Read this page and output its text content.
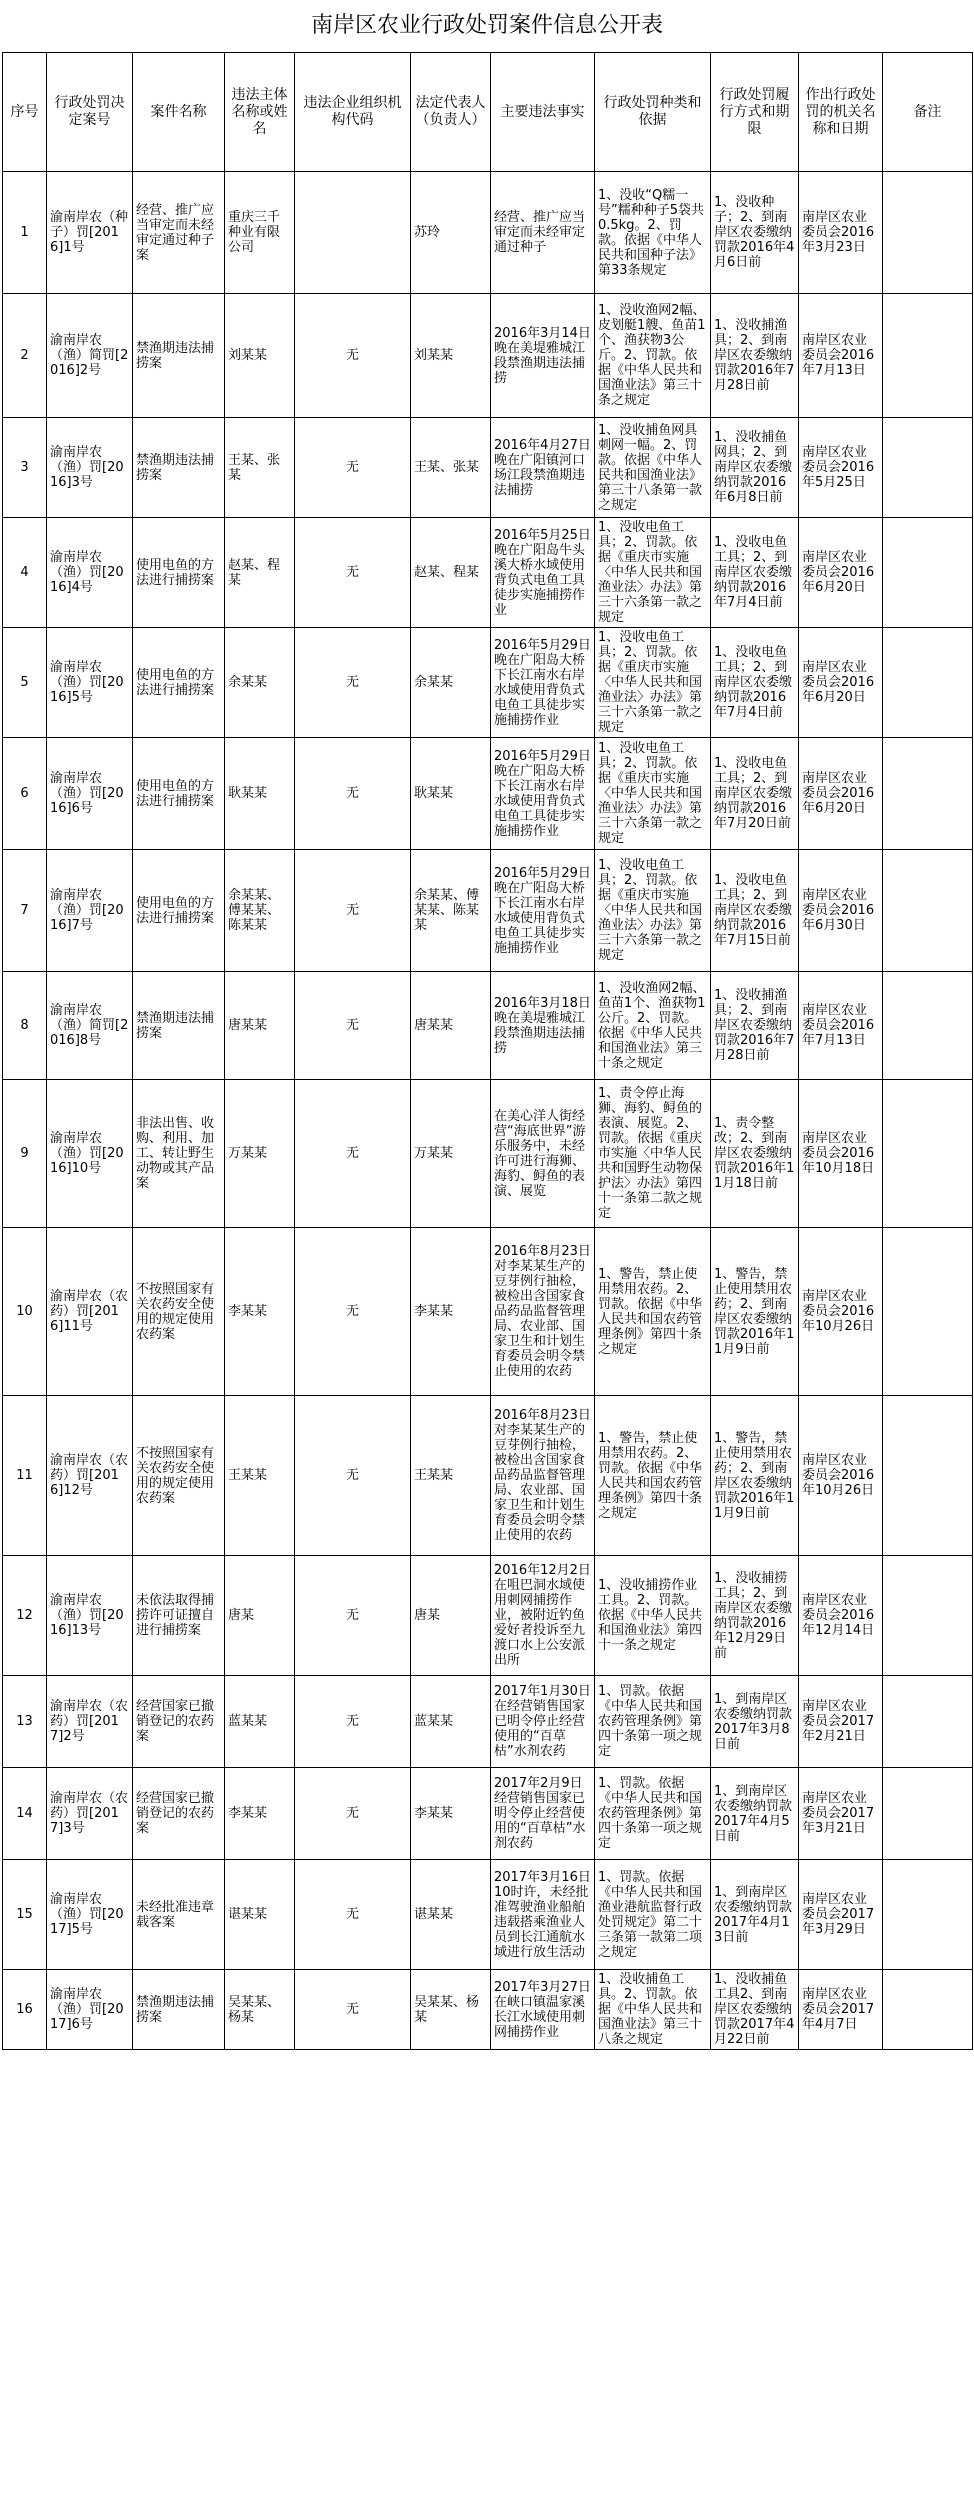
南岸区农业行政处罚案件信息公开表
序号	行政处罚决定案号	案件名称	违法主体名称或姓名	违法企业组织机构代码	法定代表人（负责人）	主要违法事实	行政处罚种类和依据	行政处罚履行方式和期限	作出行政处罚的机关名称和日期	备注
1	渝南岸农（种子）罚[2016]1号	经营、推广应当审定而未经审定通过种子案	重庆三千种业有限公司		苏玲	经营、推广应当审定而未经审定通过种子	1、没收“Q糯一号”糯种种子5袋共0.5kg。2、罚款。依据《中华人民共和国种子法》第33条规定	1、没收种子；2、到南岸区农委缴纳罚款2016年4月6日前	南岸区农业委员会2016年3月23日	
2	渝南岸农（渔）简罚[2016]2号	禁渔期违法捕捞案	刘某某	无	刘某某	2016年3月14日晚在美堤雅城江段禁渔期违法捕捞	1、没收渔网2幅、皮划艇1艘、鱼苗1个、渔获物3公斤。2、罚款。依据《中华人民共和国渔业法》第三十条之规定	1、没收捕渔具；2、到南岸区农委缴纳罚款2016年7月28日前	南岸区农业委员会2016年7月13日	
3	渝南岸农（渔）罚[2016]3号	禁渔期违法捕捞案	王某、张某	无	王某、张某	2016年4月27日晚在广阳镇河口场江段禁渔期违法捕捞	1、没收捕鱼网具刺网一幅。2、罚款。依据《中华人民共和国渔业法》第三十八条第一款之规定	1、没收捕鱼网具；2、到南岸区农委缴纳罚款2016年6月8日前	南岸区农业委员会2016年5月25日	
4	渝南岸农（渔）罚[2016]4号	使用电鱼的方法进行捕捞案	赵某、程某	无	赵某、程某	2016年5月25日晚在广阳岛牛头溪大桥水域使用背负式电鱼工具徒步实施捕捞作业	1、没收电鱼工具；2、罚款。依据《重庆市实施〈中华人民共和国渔业法〉办法》第三十六条第一款之规定	1、没收电鱼工具；2、到南岸区农委缴纳罚款2016年7月4日前	南岸区农业委员会2016年6月20日	
5	渝南岸农（渔）罚[2016]5号	使用电鱼的方法进行捕捞案	余某某	无	余某某	2016年5月29日晚在广阳岛大桥下长江南水右岸水域使用背负式电鱼工具徒步实施捕捞作业	1、没收电鱼工具；2、罚款。依据《重庆市实施〈中华人民共和国渔业法〉办法》第三十六条第一款之规定	1、没收电鱼工具；2、到南岸区农委缴纳罚款2016年7月4日前	南岸区农业委员会2016年6月20日	
6	渝南岸农（渔）罚[2016]6号	使用电鱼的方法进行捕捞案	耿某某	无	耿某某	2016年5月29日晚在广阳岛大桥下长江南水右岸水域使用背负式电鱼工具徒步实施捕捞作业	1、没收电鱼工具；2、罚款。依据《重庆市实施〈中华人民共和国渔业法〉办法》第三十六条第一款之规定	1、没收电鱼工具；2、到南岸区农委缴纳罚款2016年7月20日前	南岸区农业委员会2016年6月20日	
7	渝南岸农（渔）罚[2016]7号	使用电鱼的方法进行捕捞案	余某某、傅某某、陈某某	无	余某某、傅某某、陈某某	2016年5月29日晚在广阳岛大桥下长江南水右岸水域使用背负式电鱼工具徒步实施捕捞作业	1、没收电鱼工具；2、罚款。依据《重庆市实施〈中华人民共和国渔业法〉办法》第三十六条第一款之规定	1、没收电鱼工具；2、到南岸区农委缴纳罚款2016年7月15日前	南岸区农业委员会2016年6月30日	
8	渝南岸农（渔）简罚[2016]8号	禁渔期违法捕捞案	唐某某	无	唐某某	2016年3月18日晚在美堤雅城江段禁渔期违法捕捞	1、没收渔网2幅、鱼苗1个、渔获物1公斤。2、罚款。依据《中华人民共和国渔业法》第三十条之规定	1、没收捕渔具；2、到南岸区农委缴纳罚款2016年7月28日前	南岸区农业委员会2016年7月13日	
9	渝南岸农（渔）罚[2016]10号	非法出售、收购、利用、加工、转让野生动物或其产品案	万某某	无	万某某	在美心洋人街经营“海底世界”游乐服务中，未经许可进行海狮、海豹、鲟鱼的表演、展览	1、责令停止海狮、海豹、鲟鱼的表演、展览。2、罚款。依据《重庆市实施〈中华人民共和国野生动物保护法〉办法》第四十一条第二款之规定	1、责令整改；2、到南岸区农委缴纳罚款2016年11月18日前	南岸区农业委员会2016年10月18日	
10	渝南岸农（农药）罚[2016]11号	不按照国家有关农药安全使用的规定使用农药案	李某某	无	李某某	2016年8月23日对李某某生产的豆芽例行抽检，被检出含国家食品药品监督管理局、农业部、国家卫生和计划生育委员会明令禁止使用的农药	1、警告，禁止使用禁用农药。2、罚款。依据《中华人民共和国农药管理条例》第四十条之规定	1、警告，禁止使用禁用农药；2、到南岸区农委缴纳罚款2016年11月9日前	南岸区农业委员会2016年10月26日	
11	渝南岸农（农药）罚[2016]12号	不按照国家有关农药安全使用的规定使用农药案	王某某	无	王某某	2016年8月23日对李某某生产的豆芽例行抽检，被检出含国家食品药品监督管理局、农业部、国家卫生和计划生育委员会明令禁止使用的农药	1、警告，禁止使用禁用农药。2、罚款。依据《中华人民共和国农药管理条例》第四十条之规定	1、警告，禁止使用禁用农药；2、到南岸区农委缴纳罚款2016年11月9日前	南岸区农业委员会2016年10月26日	
12	渝南岸农（渔）罚[2016]13号	未依法取得捕捞许可证擅自进行捕捞案	唐某	无	唐某	2016年12月2日在咀巴洞水域使用刺网捕捞作业，被附近钓鱼爱好者投诉至九渡口水上公安派出所	1、没收捕捞作业工具。2、罚款。依据《中华人民共和国渔业法》第四十一条之规定	1、没收捕捞工具；2、到南岸区农委缴纳罚款2016年12月29日前	南岸区农业委员会2016年12月14日	
13	渝南岸农（农药）罚[2017]2号	经营国家已撤销登记的农药案	蓝某某	无	蓝某某	2017年1月30日在经营销售国家已明令停止经营使用的“百草枯”水剂农药	1、罚款。依据《中华人民共和国农药管理条例》第四十条第一项之规定	1、到南岸区农委缴纳罚款2017年3月8日前	南岸区农业委员会2017年2月21日	
14	渝南岸农（农药）罚[2017]3号	经营国家已撤销登记的农药案	李某某	无	李某某	2017年2月9日经营销售国家已明令停止经营使用的“百草枯”水剂农药	1、罚款。依据《中华人民共和国农药管理条例》第四十条第一项之规定	1、到南岸区农委缴纳罚款2017年4月5日前	南岸区农业委员会2017年3月21日	
15	渝南岸农（渔）罚[2017]5号	未经批准违章载客案	谌某某	无	谌某某	2017年3月16日10时许，未经批准驾驶渔业船舶违载搭乘渔业人员到长江通航水域进行放生活动	1、罚款。依据《中华人民共和国渔业港航监督行政处罚规定》第二十三条第一款第二项之规定	1、到南岸区农委缴纳罚款2017年4月13日前	南岸区农业委员会2017年3月29日	
16	渝南岸农（渔）罚[2017]6号	禁渔期违法捕捞案	吴某某、杨某	无	吴某某、杨某	2017年3月27日在峡口镇温家溪长江水域使用刺网捕捞作业	1、没收捕鱼工具。2、罚款。依据《中华人民共和国渔业法》第三十八条之规定	1、没收捕鱼工具2、到南岸区农委缴纳罚款2017年4月22日前	南岸区农业委员会2017年4月7日	
